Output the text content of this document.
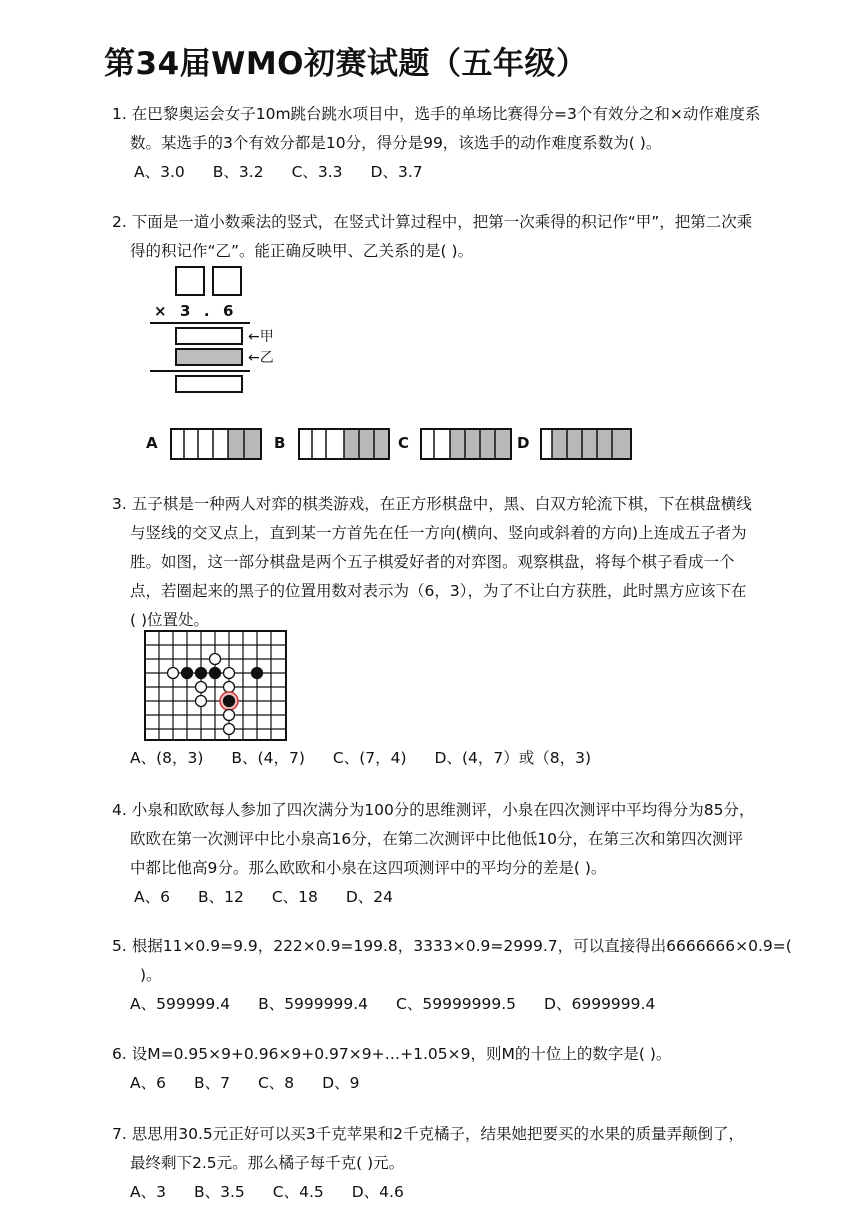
第34届WMO初赛试题（五年级）
1. 在巴黎奥运会女子10m跳台跳水项目中，选手的单场比赛得分=3个有效分之和×动作难度系
数。某选手的3个有效分都是10分，得分是99，该选手的动作难度系数为( )。
A、3.0 B、3.2 C、3.3 D、3.7
2. 下面是一道小数乘法的竖式，在竖式计算过程中，把第一次乘得的积记作“甲”，把第二次乘
得的积记作“乙”。能正确反映甲、乙关系的是( )。
×  3  .  6
←甲
←乙
A	B	C	D
3. 五子棋是一种两人对弈的棋类游戏，在正方形棋盘中，黑、白双方轮流下棋，下在棋盘横线
与竖线的交叉点上，直到某一方首先在任一方向(横向、竖向或斜着的方向)上连成五子者为
胜。如图，这一部分棋盘是两个五子棋爱好者的对弈图。观察棋盘，将每个棋子看成一个
点，若圈起来的黑子的位置用数对表示为（6，3），为了不让白方获胜，此时黑方应该下在
( )位置处。
A、(8，3) B、(4，7) C、(7，4) D、(4，7）或（8，3)
4. 小泉和欧欧每人参加了四次满分为100分的思维测评，小泉在四次测评中平均得分为85分，
欧欧在第一次测评中比小泉高16分，在第二次测评中比他低10分，在第三次和第四次测评
中都比他高9分。那么欧欧和小泉在这四项测评中的平均分的差是( )。
A、6 B、12 C、18 D、24
5. 根据11×0.9=9.9，222×0.9=199.8，3333×0.9=2999.7，可以直接得出6666666×0.9=(
)。
A、599999.4 B、5999999.4 C、59999999.5 D、6999999.4
6. 设M=0.95×9+0.96×9+0.97×9+…+1.05×9，则M的十位上的数字是( )。
A、6 B、7 C、8 D、9
7. 思思用30.5元正好可以买3千克苹果和2千克橘子，结果她把要买的水果的质量弄颠倒了，
最终剩下2.5元。那么橘子每千克( )元。
A、3 B、3.5 C、4.5 D、4.6
